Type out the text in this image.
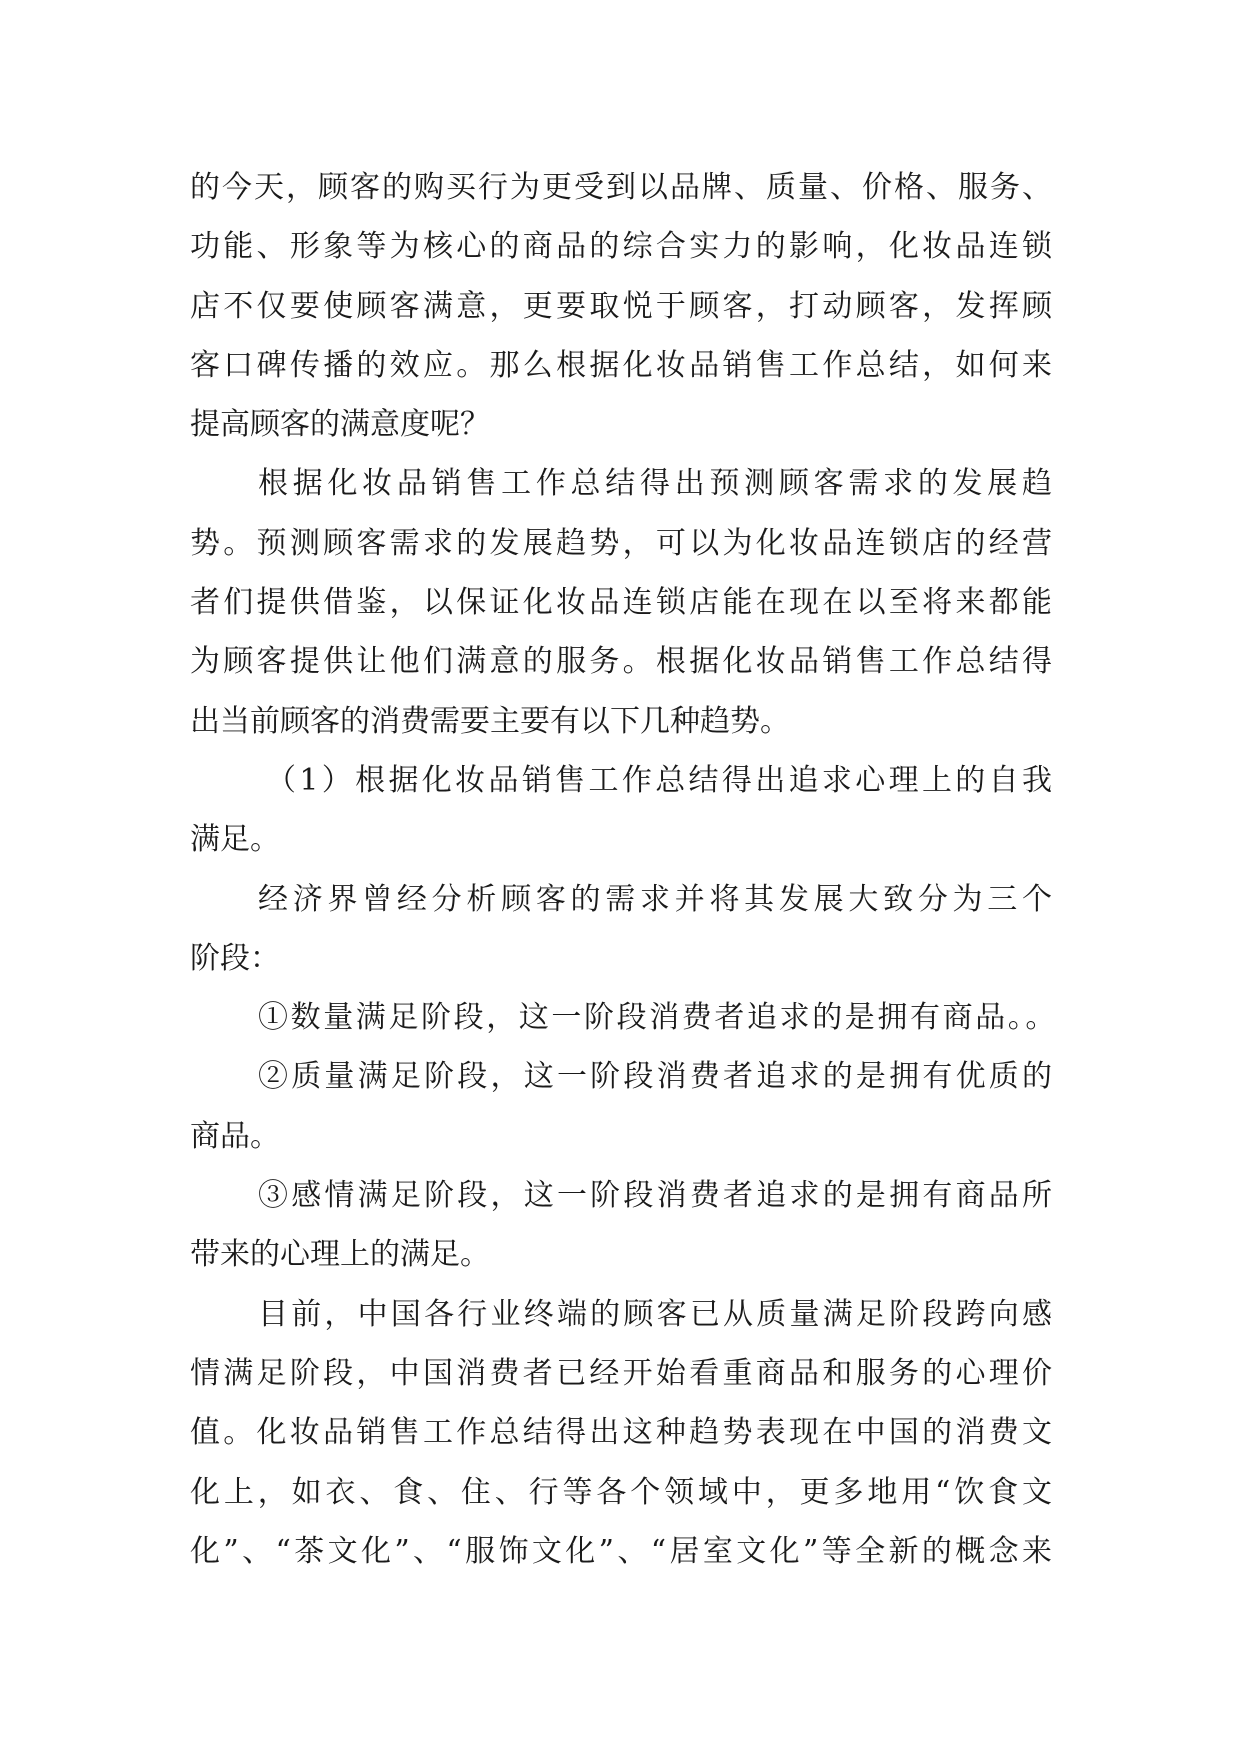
的今天，顾客的购买行为更受到以品牌、质量、价格、服务、
功能、形象等为核心的商品的综合实力的影响，化妆品连锁
店不仅要使顾客满意，更要取悦于顾客，打动顾客，发挥顾
客口碑传播的效应。那么根据化妆品销售工作总结，如何来
提高顾客的满意度呢？
根据化妆品销售工作总结得出预测顾客需求的发展趋
势。预测顾客需求的发展趋势，可以为化妆品连锁店的经营
者们提供借鉴，以保证化妆品连锁店能在现在以至将来都能
为顾客提供让他们满意的服务。根据化妆品销售工作总结得
出当前顾客的消费需要主要有以下几种趋势。
（1）根据化妆品销售工作总结得出追求心理上的自我
满足。
经济界曾经分析顾客的需求并将其发展大致分为三个
阶段：
①数量满足阶段，这一阶段消费者追求的是拥有商品。。
②质量满足阶段，这一阶段消费者追求的是拥有优质的
商品。
③感情满足阶段，这一阶段消费者追求的是拥有商品所
带来的心理上的满足。
目前，中国各行业终端的顾客已从质量满足阶段跨向感
情满足阶段，中国消费者已经开始看重商品和服务的心理价
值。化妆品销售工作总结得出这种趋势表现在中国的消费文
化上，如衣、食、住、行等各个领域中，更多地用“饮食文
化”、“茶文化”、“服饰文化”、“居室文化”等全新的概念来
